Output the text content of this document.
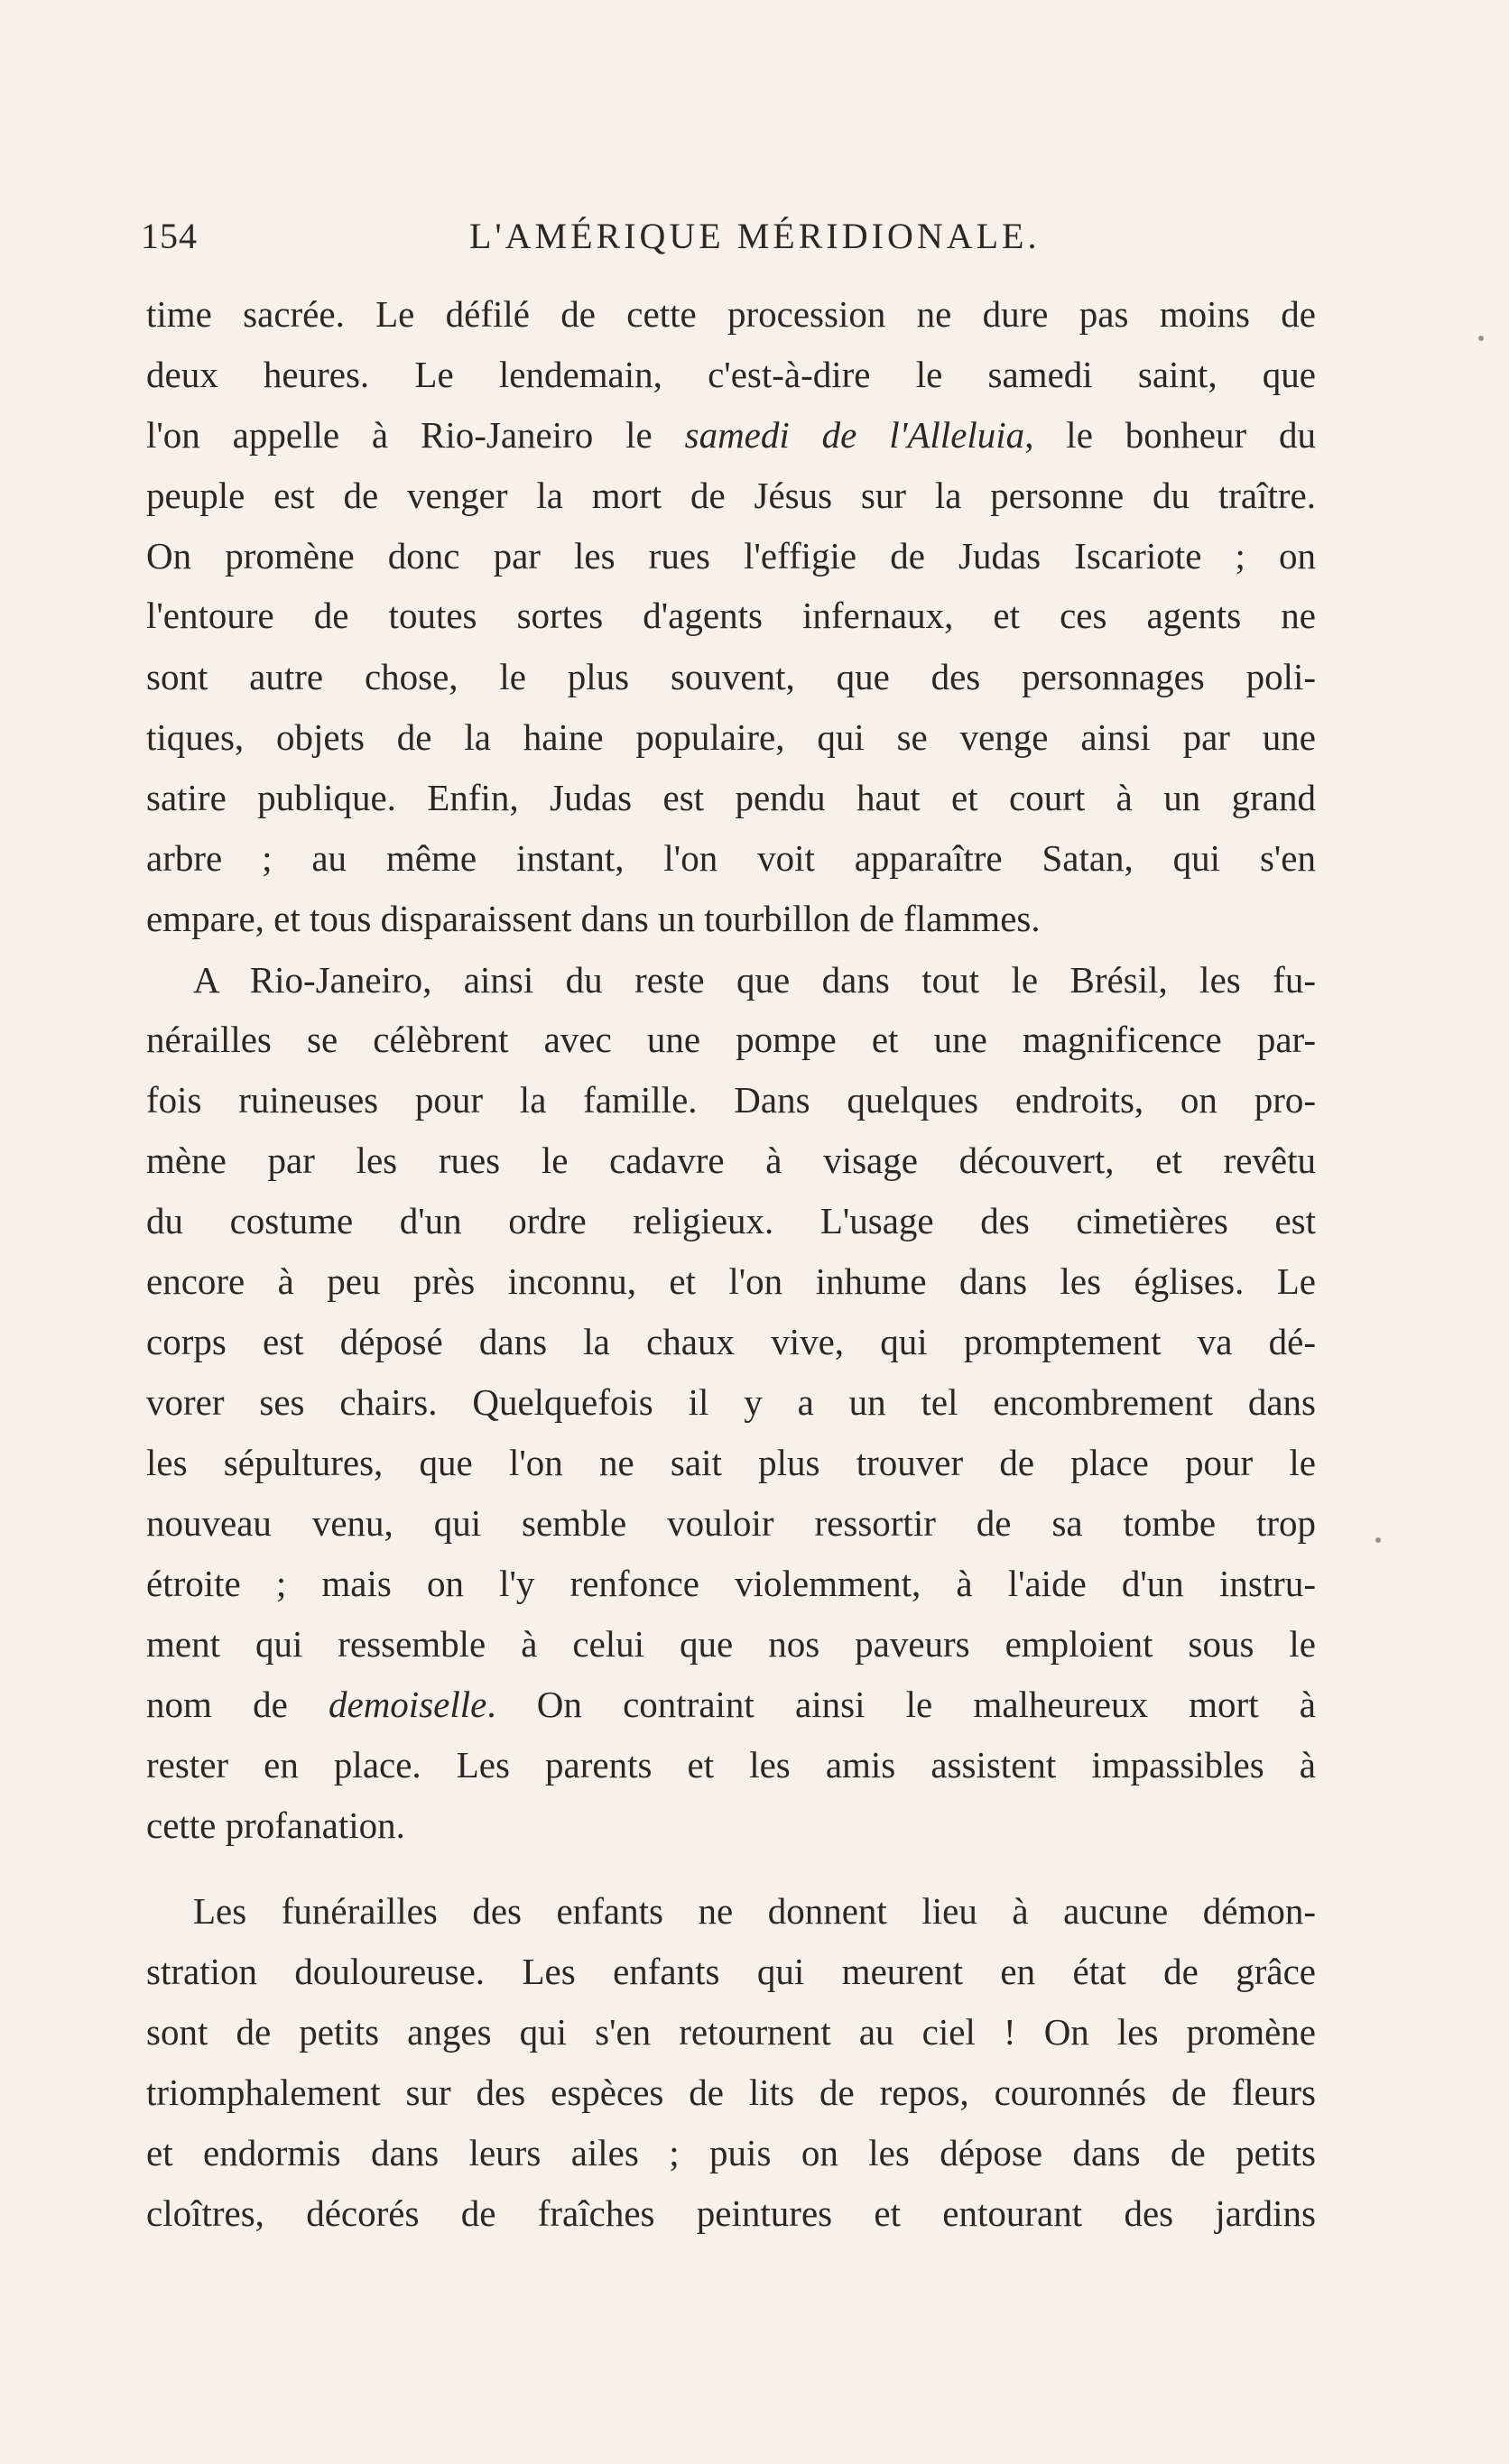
154	L'AMÉRIQUE MÉRIDIONALE.
time sacrée. Le défilé de cette procession ne dure pas moins de
deux heures. Le lendemain, c'est-à-dire le samedi saint, que
l'on appelle à Rio-Janeiro le samedi de l'Alleluia, le bonheur du
peuple est de venger la mort de Jésus sur la personne du traître.
On promène donc par les rues l'effigie de Judas Iscariote ; on
l'entoure de toutes sortes d'agents infernaux, et ces agents ne
sont autre chose, le plus souvent, que des personnages poli-
tiques, objets de la haine populaire, qui se venge ainsi par une
satire publique. Enfin, Judas est pendu haut et court à un grand
arbre ; au même instant, l'on voit apparaître Satan, qui s'en
empare, et tous disparaissent dans un tourbillon de flammes.
A Rio-Janeiro, ainsi du reste que dans tout le Brésil, les fu-
nérailles se célèbrent avec une pompe et une magnificence par-
fois ruineuses pour la famille. Dans quelques endroits, on pro-
mène par les rues le cadavre à visage découvert, et revêtu
du costume d'un ordre religieux. L'usage des cimetières est
encore à peu près inconnu, et l'on inhume dans les églises. Le
corps est déposé dans la chaux vive, qui promptement va dé-
vorer ses chairs. Quelquefois il y a un tel encombrement dans
les sépultures, que l'on ne sait plus trouver de place pour le
nouveau venu, qui semble vouloir ressortir de sa tombe trop
étroite ; mais on l'y renfonce violemment, à l'aide d'un instru-
ment qui ressemble à celui que nos paveurs emploient sous le
nom de demoiselle. On contraint ainsi le malheureux mort à
rester en place. Les parents et les amis assistent impassibles à
cette profanation.
Les funérailles des enfants ne donnent lieu à aucune démon-
stration douloureuse. Les enfants qui meurent en état de grâce
sont de petits anges qui s'en retournent au ciel ! On les promène
triomphalement sur des espèces de lits de repos, couronnés de fleurs
et endormis dans leurs ailes ; puis on les dépose dans de petits
cloîtres, décorés de fraîches peintures et entourant des jardins
